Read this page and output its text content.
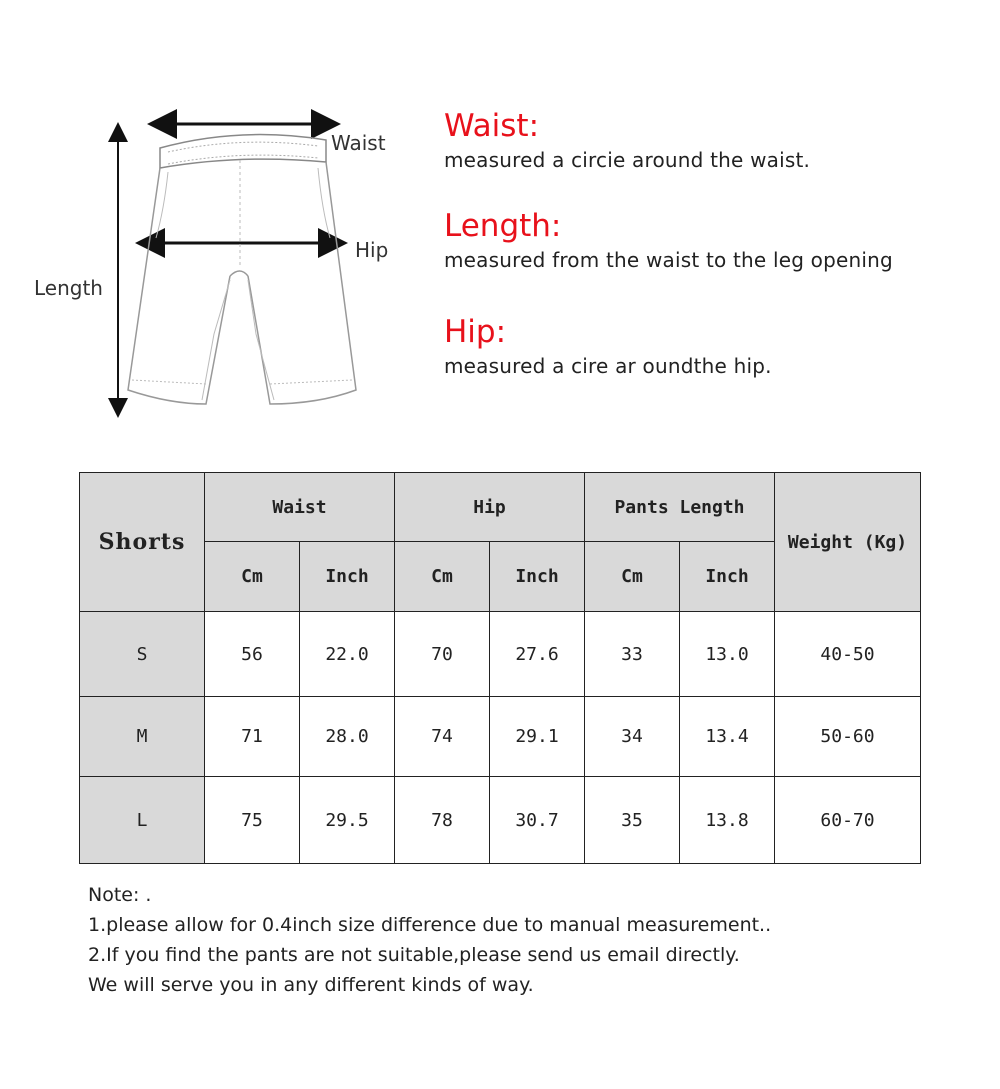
Waist
Hip
Length
Waist:
measured a circie around the waist.
Length:
measured from the waist to the leg opening
Hip:
measured a cire ar oundthe hip.
Shorts	Waist		Hip		Pants Length		Weight (Kg)
	Cm	Inch	Cm	Inch	Cm	Inch	
S	56	22.0	70	27.6	33	13.0	40-50
M	71	28.0	74	29.1	34	13.4	50-60
L	75	29.5	78	30.7	35	13.8	60-70
Note: .
1.please allow for 0.4inch size difference due to manual measurement..
2.If you find the pants are not suitable,please send us email directly.
We will serve you in any different kinds of way.
